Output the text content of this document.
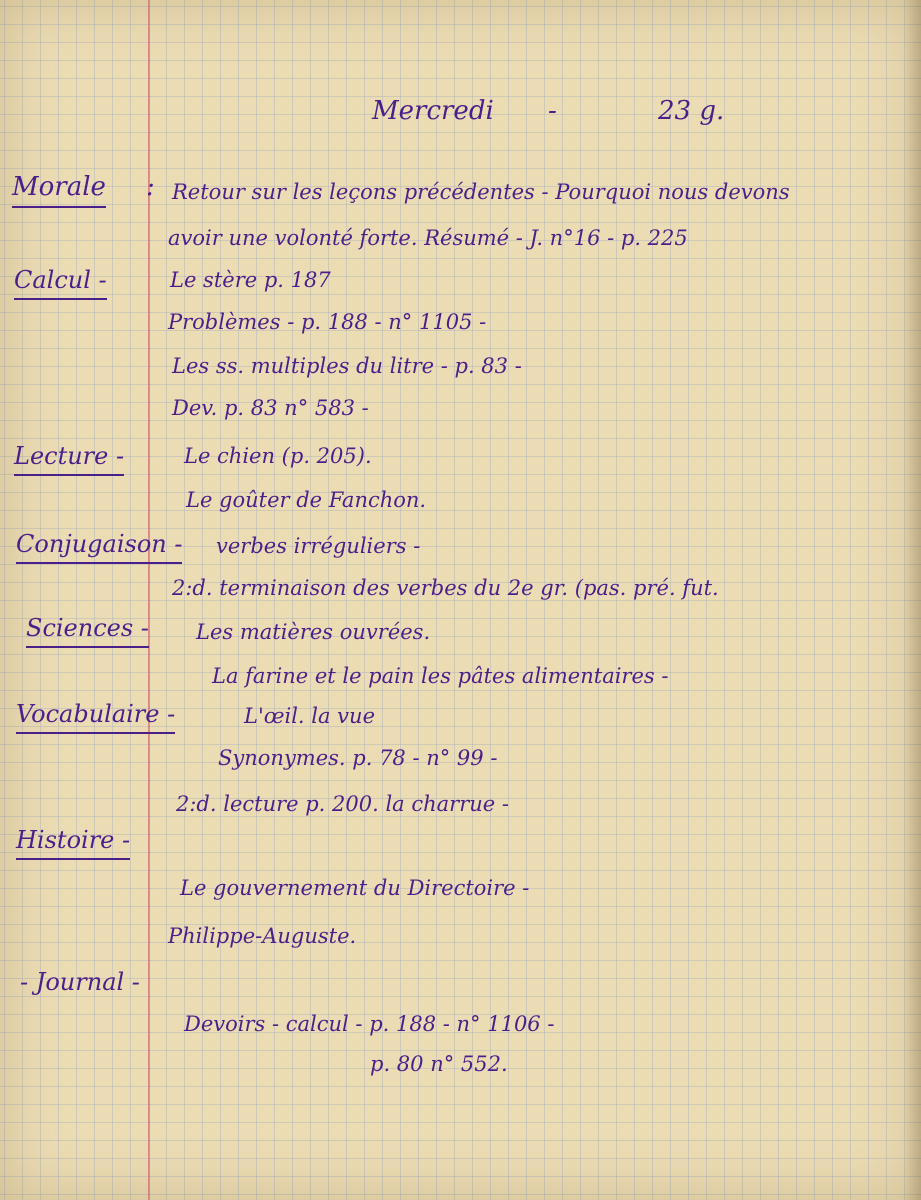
Mercredi -	23 g.
Morale : Retour sur les leçons précédentes - Pourquoi nous devons
avoir une volonté forte. Résumé - J. n°16 - p. 225
Calcul -	Le stère p. 187
Problèmes - p. 188 - n° 1105 -
Les ss. multiples du litre - p. 83 -
Dev. p. 83 n° 583 -
Lecture -	Le chien (p. 205).
Le goûter de Fanchon.
Conjugaison - verbes irréguliers -
2:d. terminaison des verbes du 2e gr. (pas. pré. fut.
Sciences - Les matières ouvrées.
La farine et le pain les pâtes alimentaires -
Vocabulaire -	L'œil. la vue
Synonymes. p. 78 - n° 99 -
2:d. lecture p. 200. la charrue -
Histoire -
Le gouvernement du Directoire -
Philippe-Auguste.
- Journal -
Devoirs - calcul - p. 188 - n° 1106 -
p. 80 n° 552.
